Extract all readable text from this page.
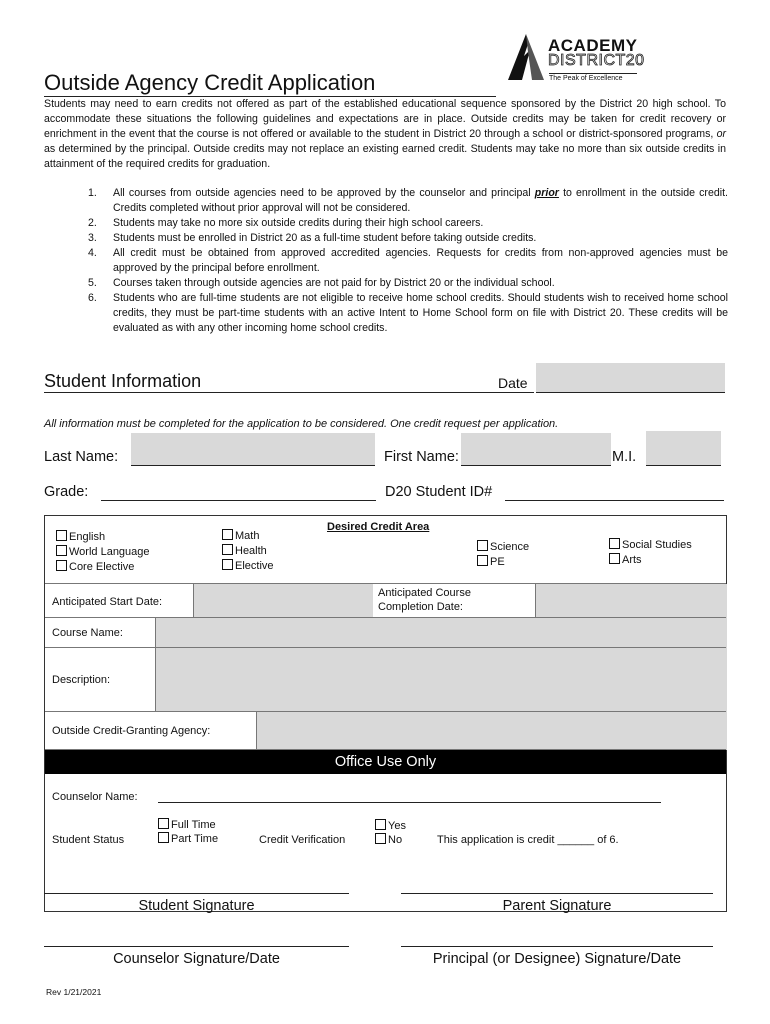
Outside Agency Credit Application
ACADEMY
DISTRICT20
The Peak of Excellence
Students may need to earn credits not offered as part of the established educational sequence sponsored by the District 20 high school. To accommodate these situations the following guidelines and expectations are in place. Outside credits may be taken for credit recovery or enrichment in the event that the course is not offered or available to the student in District 20 through a school or district-sponsored programs, or as determined by the principal. Outside credits may not replace an existing earned credit. Students may take no more than six outside credits in attainment of the required credits for graduation.
1. All courses from outside agencies need to be approved by the counselor and principal prior to enrollment in the outside credit. Credits completed without prior approval will not be considered.
2. Students may take no more six outside credits during their high school careers.
3. Students must be enrolled in District 20 as a full-time student before taking outside credits.
4. All credit must be obtained from approved accredited agencies. Requests for credits from non-approved agencies must be approved by the principal before enrollment.
5. Courses taken through outside agencies are not paid for by District 20 or the individual school.
6. Students who are full-time students are not eligible to receive home school credits. Should students wish to received home school credits, they must be part-time students with an active Intent to Home School form on file with District 20. These credits will be evaluated as with any other incoming home school credits.
Student Information	Date
All information must be completed for the application to be considered. One credit request per application.
Last Name:	First Name:	M.I.
Grade:	D20 Student ID#
Desired Credit Area
English
World Language
Core Elective
Math
Health
Elective
Science
PE
Social Studies
Arts
Anticipated Start Date:
Anticipated Course
Completion Date:
Course Name:
Description:
Outside Credit-Granting Agency:
Office Use Only
Counselor Name:
Student Status
Full Time
Part Time	Credit Verification
Yes
No	This application is credit ______ of 6.
Student Signature	Parent Signature
Counselor Signature/Date	Principal (or Designee) Signature/Date
Rev 1/21/2021
